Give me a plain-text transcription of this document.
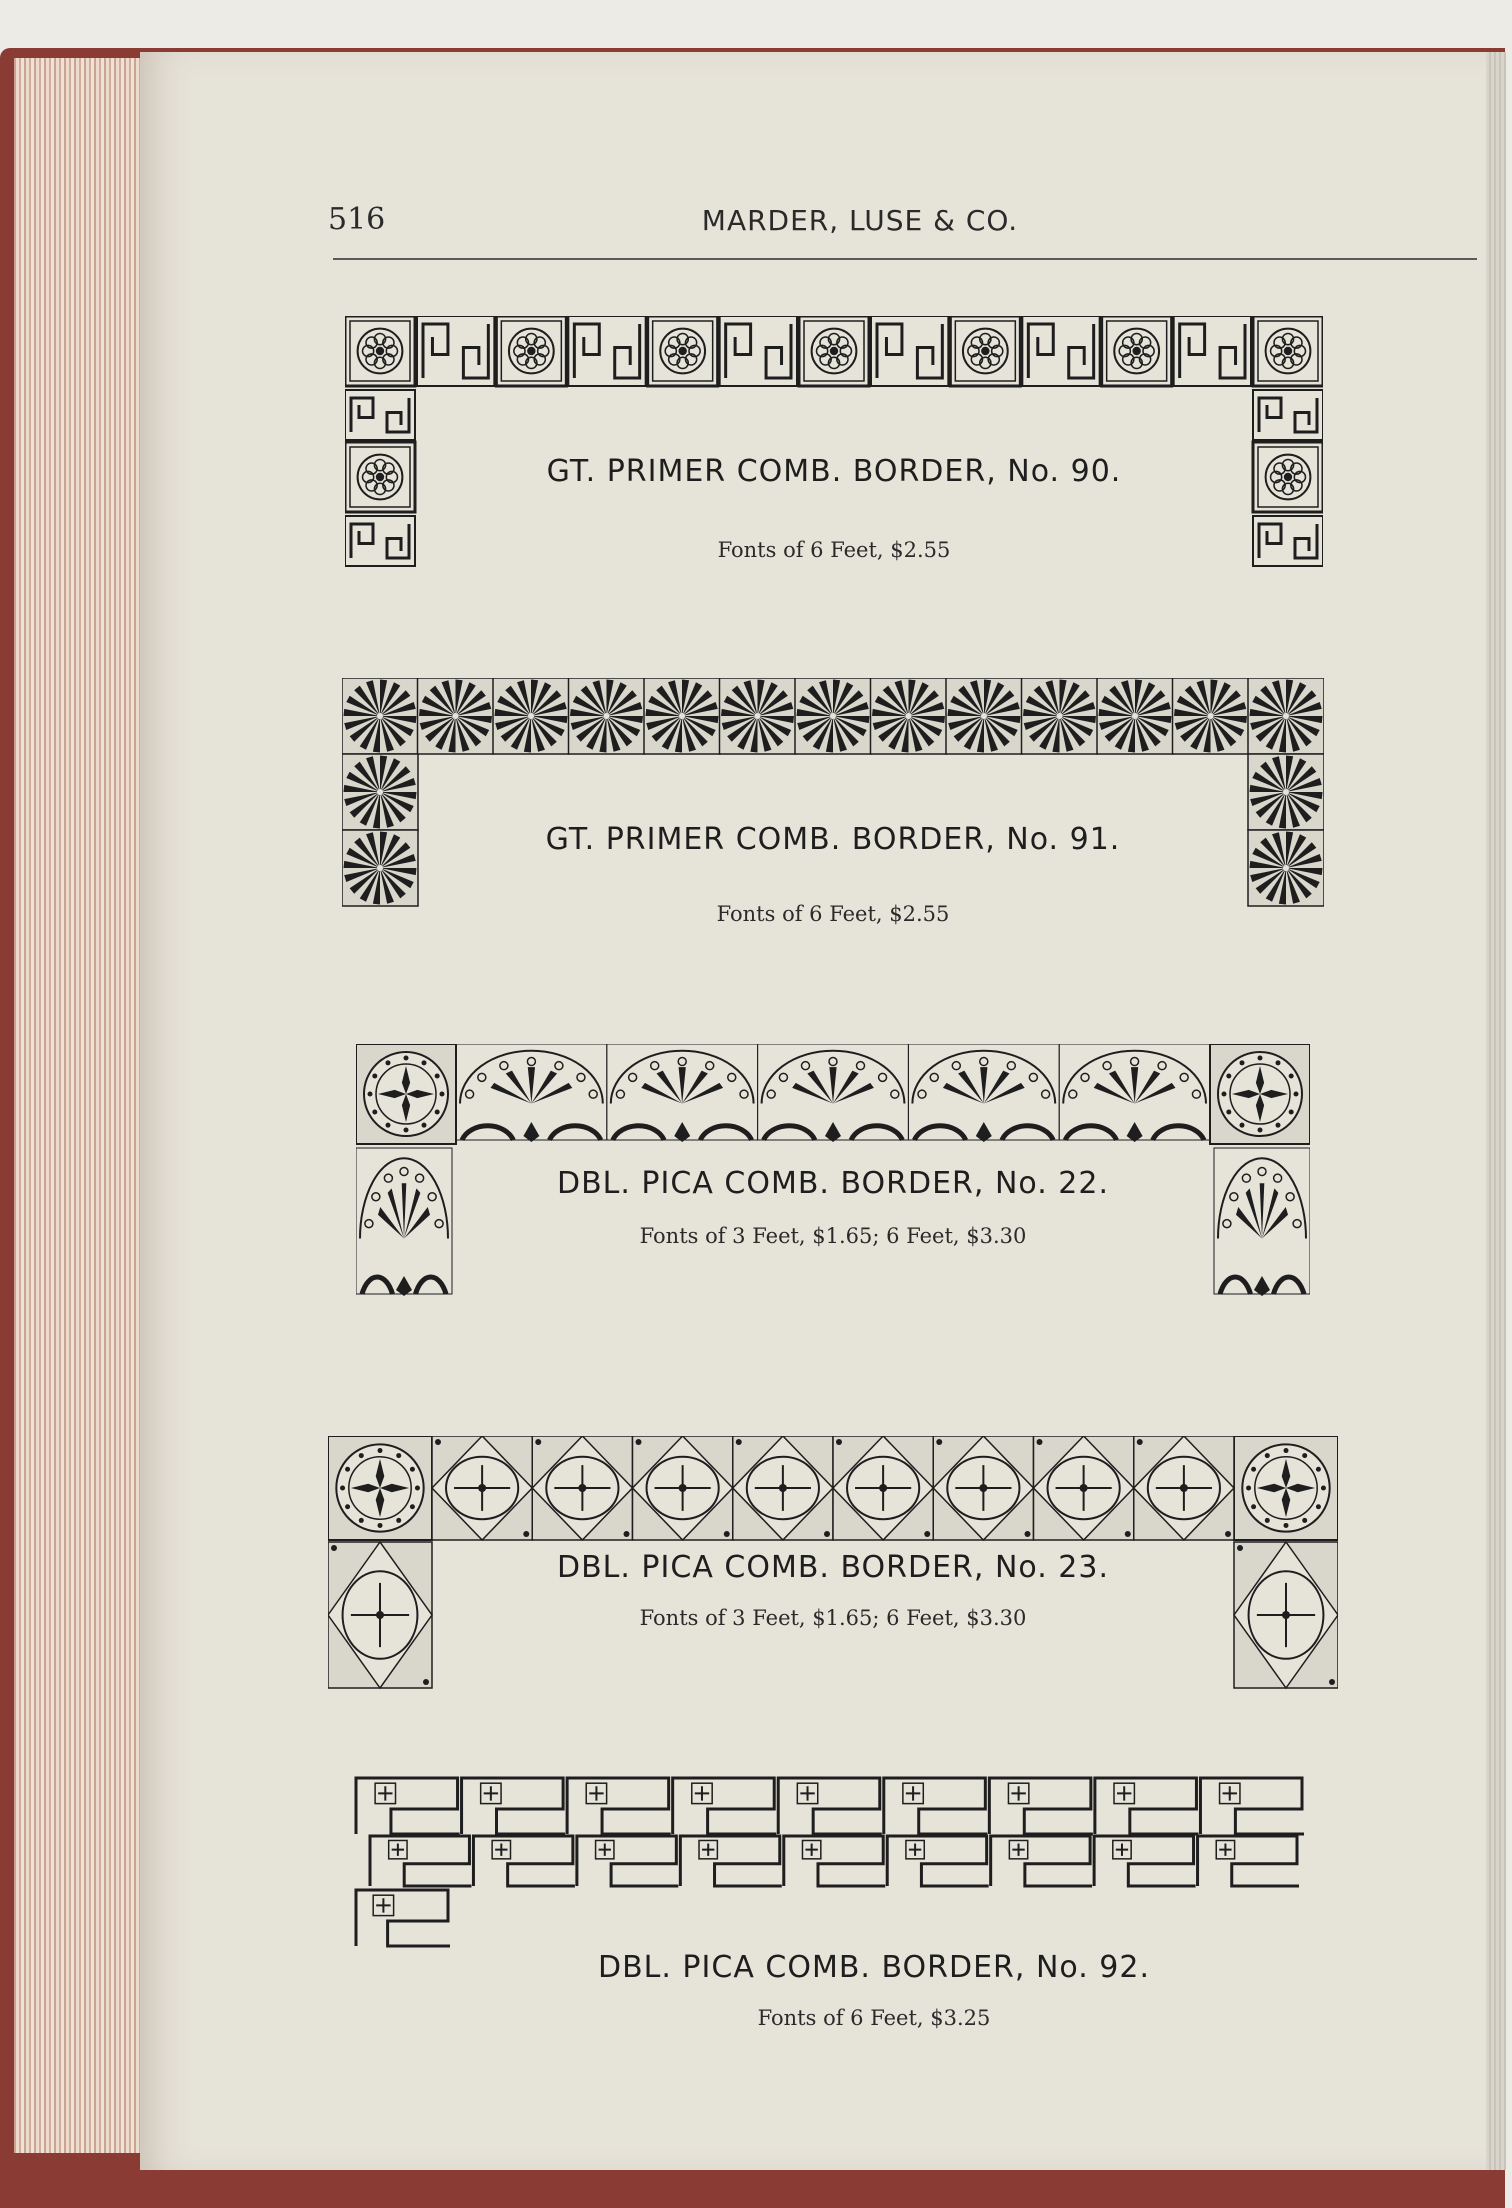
516	MARDER, LUSE & CO.
GT. PRIMER COMB. BORDER, No. 90.
Fonts of 6 Feet, $2.55
GT. PRIMER COMB. BORDER, No. 91.
Fonts of 6 Feet, $2.55
DBL. PICA COMB. BORDER, No. 22.
Fonts of 3 Feet, $1.65; 6 Feet, $3.30
DBL. PICA COMB. BORDER, No. 23.
Fonts of 3 Feet, $1.65; 6 Feet, $3.30
DBL. PICA COMB. BORDER, No. 92.
Fonts of 6 Feet, $3.25
